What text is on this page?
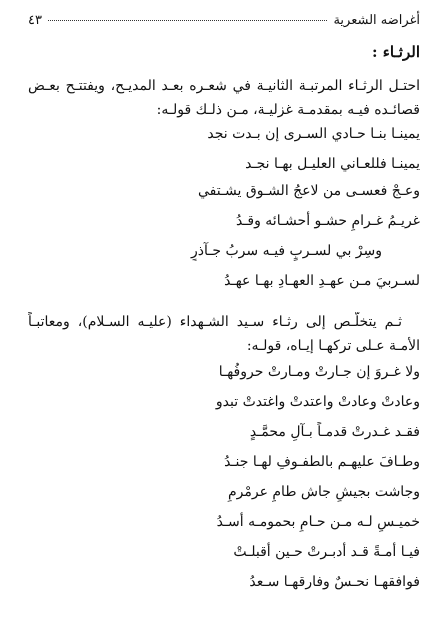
أغراضه الشعرية
٤٣
الرثـاء :
احتـل الرثـاء المرتبـة الثانيـة في شعـره بعـد المديـح، ويفتتـح بعـض
قصائـده فيـه بمقدمـة غزليـة، مـن ذلـك قولـه:
يمينـا بنـا حـادي السـرى إن بـدت نجد
يمينـا فللعـاني العليـل بهـا نجـد
وعـجْ فعسـى من لاعجُ الشـوق يشـتفي
غريـمُ غـرامٍ حشـو أحشـائه وقـدُ
وسِرْ بي لسـربٍ فيـه سربُ جـآذرٍ
لسـربيَ مـن عهـدِ العهـادِ بهـا عهـدُ
ثـم يتخلّـص إلى رثـاء سـيد الشـهداء (عليـه السـلام)، ومعاتبـاً
الأمـة عـلى تركهـا إيـاه، قولـه:
ولا غـروَ إن جـارتْ ومـارتْ حروفُهـا
وعادتْ وعادتْ واعتدتْ واغتدتْ تبدو
فقـد غـدرتْ قدمـاً بـآلِ محمَّـدٍ
وطـافَ عليهـم بالطفـوفِ لهـا جنـدُ
وجاشت بجيشٍ جاش طامٍ عرمْرمٍ
خميـسٍ لـه مـن حـامٍ بحمومـه أسـدُ
فيـا أمـةً قـد أدبـرتْ حـين أقبلـتْ
فوافقهـا نحـسٌ وفارقهـا سـعدُ
